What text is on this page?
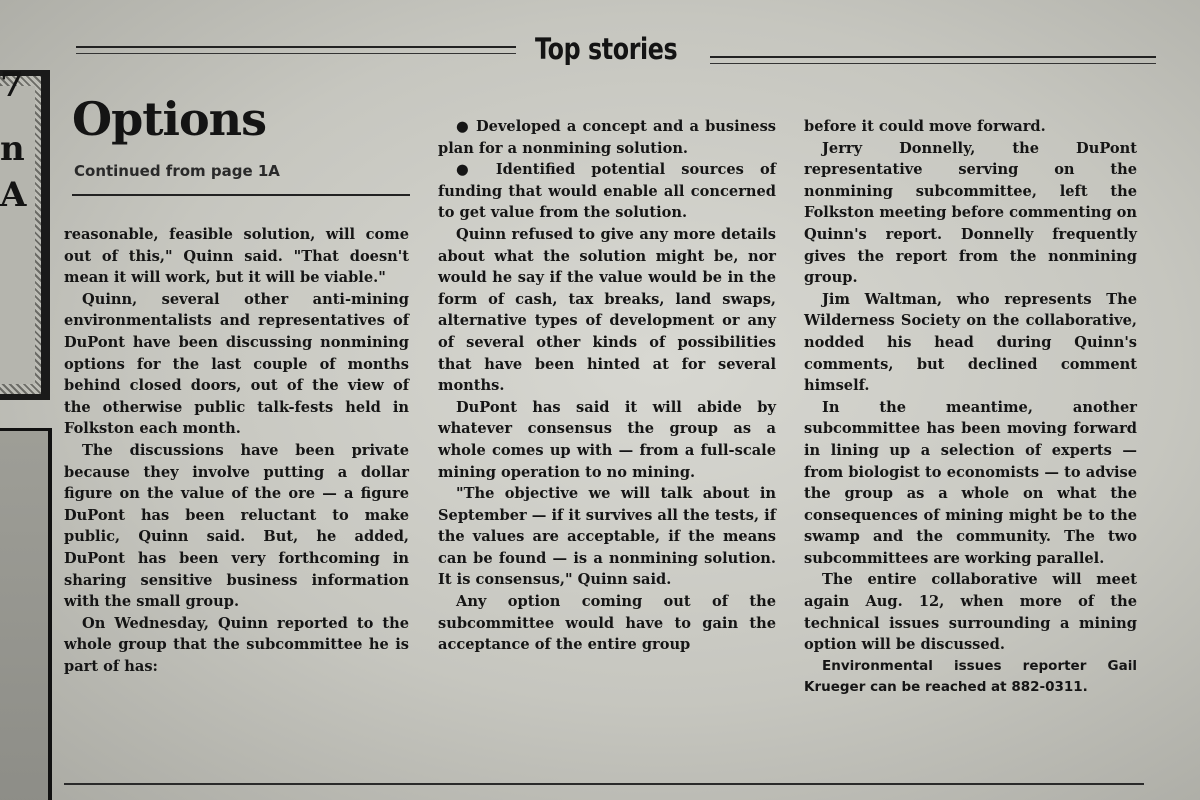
7
n
A
Top stories
Options
Continued from page 1A

reasonable, feasible solution, will come out of this," Quinn said. "That doesn't mean it will work, but it will be viable."

Quinn, several other anti-mining environmentalists and representatives of DuPont have been discussing nonmining options for the last couple of months behind closed doors, out of the view of the otherwise public talk-fests held in Folkston each month.

The discussions have been private because they involve putting a dollar figure on the value of the ore — a figure DuPont has been reluctant to make public, Quinn said. But, he added, DuPont has been very forthcoming in sharing sensitive business information with the small group.

On Wednesday, Quinn reported to the whole group that the subcommittee he is part of has:

● Developed a concept and a business plan for a nonmining solution.

● Identified potential sources of funding that would enable all concerned to get value from the solution.

Quinn refused to give any more details about what the solution might be, nor would he say if the value would be in the form of cash, tax breaks, land swaps, alternative types of development or any of several other kinds of possibilities that have been hinted at for several months.

DuPont has said it will abide by whatever consensus the group as a whole comes up with — from a full-scale mining operation to no mining.

"The objective we will talk about in September — if it survives all the tests, if the values are acceptable, if the means can be found — is a nonmining solution. It is consensus," Quinn said.

Any option coming out of the subcommittee would have to gain the acceptance of the entire group

before it could move forward.

Jerry Donnelly, the DuPont representative serving on the nonmining subcommittee, left the Folkston meeting before commenting on Quinn's report. Donnelly frequently gives the report from the nonmining group.

Jim Waltman, who represents The Wilderness Society on the collaborative, nodded his head during Quinn's comments, but declined comment himself.

In the meantime, another subcommittee has been moving forward in lining up a selection of experts — from biologist to economists — to advise the group as a whole on what the consequences of mining might be to the swamp and the community. The two subcommittees are working parallel.

The entire collaborative will meet again Aug. 12, when more of the technical issues surrounding a mining option will be discussed.

Environmental issues reporter Gail Krueger can be reached at 882-0311.
